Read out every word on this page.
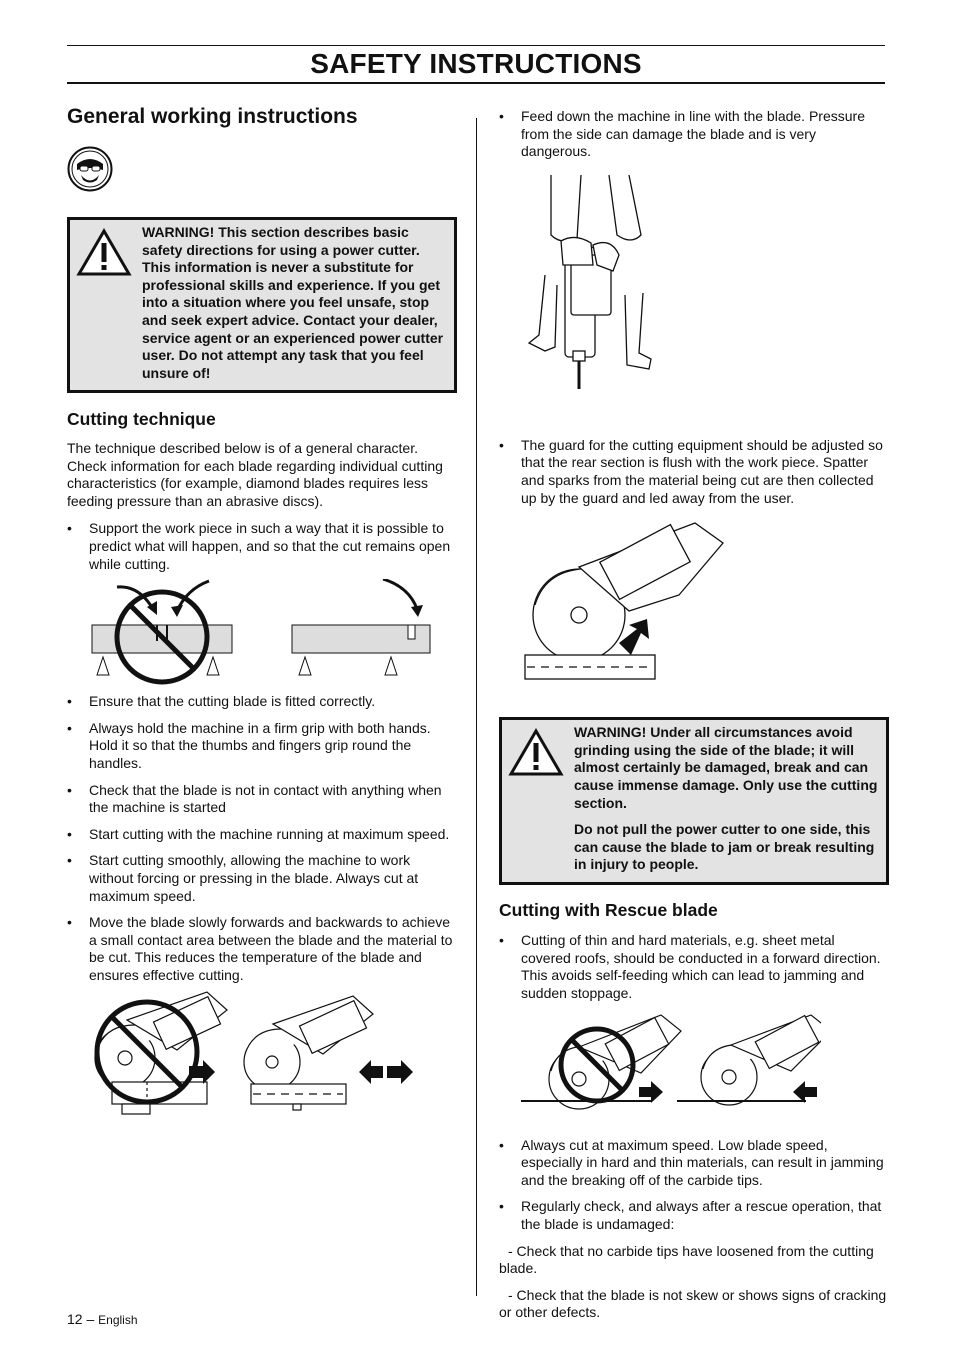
SAFETY INSTRUCTIONS
General working instructions
WARNING! This section describes basic safety directions for using a power cutter. This information is never a substitute for professional skills and experience. If you get into a situation where you feel unsafe, stop and seek expert advice. Contact your dealer, service agent or an experienced power cutter user. Do not attempt any task that you feel unsure of!
Cutting technique

The technique described below is of a general character. Check information for each blade regarding individual cutting characteristics (for example, diamond blades requires less feeding pressure than an abrasive discs).

• Support the work piece in such a way that it is possible to predict what will happen, and so that the cut remains open while cutting.
• Ensure that the cutting blade is fitted correctly.
• Always hold the machine in a firm grip with both hands. Hold it so that the thumbs and fingers grip round the handles.
• Check that the blade is not in contact with anything when the machine is started
• Start cutting with the machine running at maximum speed.
• Start cutting smoothly, allowing the machine to work without forcing or pressing in the blade. Always cut at maximum speed.
• Move the blade slowly forwards and backwards to achieve a small contact area between the blade and the material to be cut. This reduces the temperature of the blade and ensures effective cutting.
• Feed down the machine in line with the blade. Pressure from the side can damage the blade and is very dangerous.
• The guard for the cutting equipment should be adjusted so that the rear section is flush with the work piece. Spatter and sparks from the material being cut are then collected up by the guard and led away from the user.
WARNING! Under all circumstances avoid grinding using the side of the blade; it will almost certainly be damaged, break and can cause immense damage. Only use the cutting section.
Do not pull the power cutter to one side, this can cause the blade to jam or break resulting in injury to people.
Cutting with Rescue blade
• Cutting of thin and hard materials, e.g. sheet metal covered roofs, should be conducted in a forward direction. This avoids self-feeding which can lead to jamming and sudden stoppage.
• Always cut at maximum speed. Low blade speed, especially in hard and thin materials, can result in jamming and the breaking off of the carbide tips.
• Regularly check, and always after a rescue operation, that the blade is undamaged:

- Check that no carbide tips have loosened from the cutting blade.

- Check that the blade is not skew or shows signs of cracking or other defects.

12 – English
